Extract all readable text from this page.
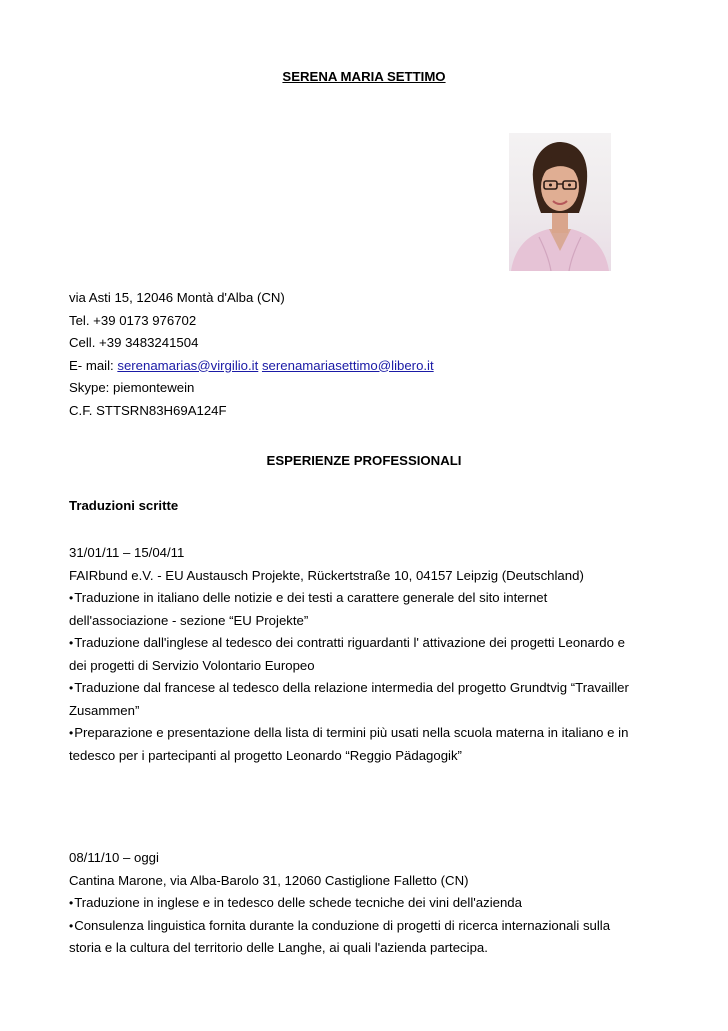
SERENA MARIA SETTIMO
via Asti 15, 12046 Montà d'Alba (CN)
Tel. +39 0173 976702
Cell. +39 3483241504
E- mail: serenamarias@virgilio.it serenamariasettimo@libero.it
Skype: piemontewein
C.F. STTSRN83H69A124F
ESPERIENZE PROFESSIONALI
Traduzioni scritte
31/01/11 – 15/04/11
FAIRbund e.V. - EU Austausch Projekte, Rückertstraße 10, 04157 Leipzig (Deutschland)
•Traduzione in italiano delle notizie e dei testi a carattere generale del sito internet
dell'associazione - sezione “EU Projekte”
•Traduzione dall'inglese al tedesco dei contratti riguardanti l' attivazione dei progetti Leonardo e
dei progetti di Servizio Volontario Europeo
•Traduzione dal francese al tedesco della relazione intermedia del progetto Grundtvig “Travailler
Zusammen”
•Preparazione e presentazione della lista di termini più usati nella scuola materna in italiano e in
tedesco per i partecipanti al progetto Leonardo “Reggio Pädagogik”
08/11/10 – oggi
Cantina Marone, via Alba-Barolo 31, 12060 Castiglione Falletto (CN)
•Traduzione in inglese e in tedesco delle schede tecniche dei vini dell'azienda
•Consulenza linguistica fornita durante la conduzione di progetti di ricerca internazionali sulla
storia e la cultura del territorio delle Langhe, ai quali l'azienda partecipa.
